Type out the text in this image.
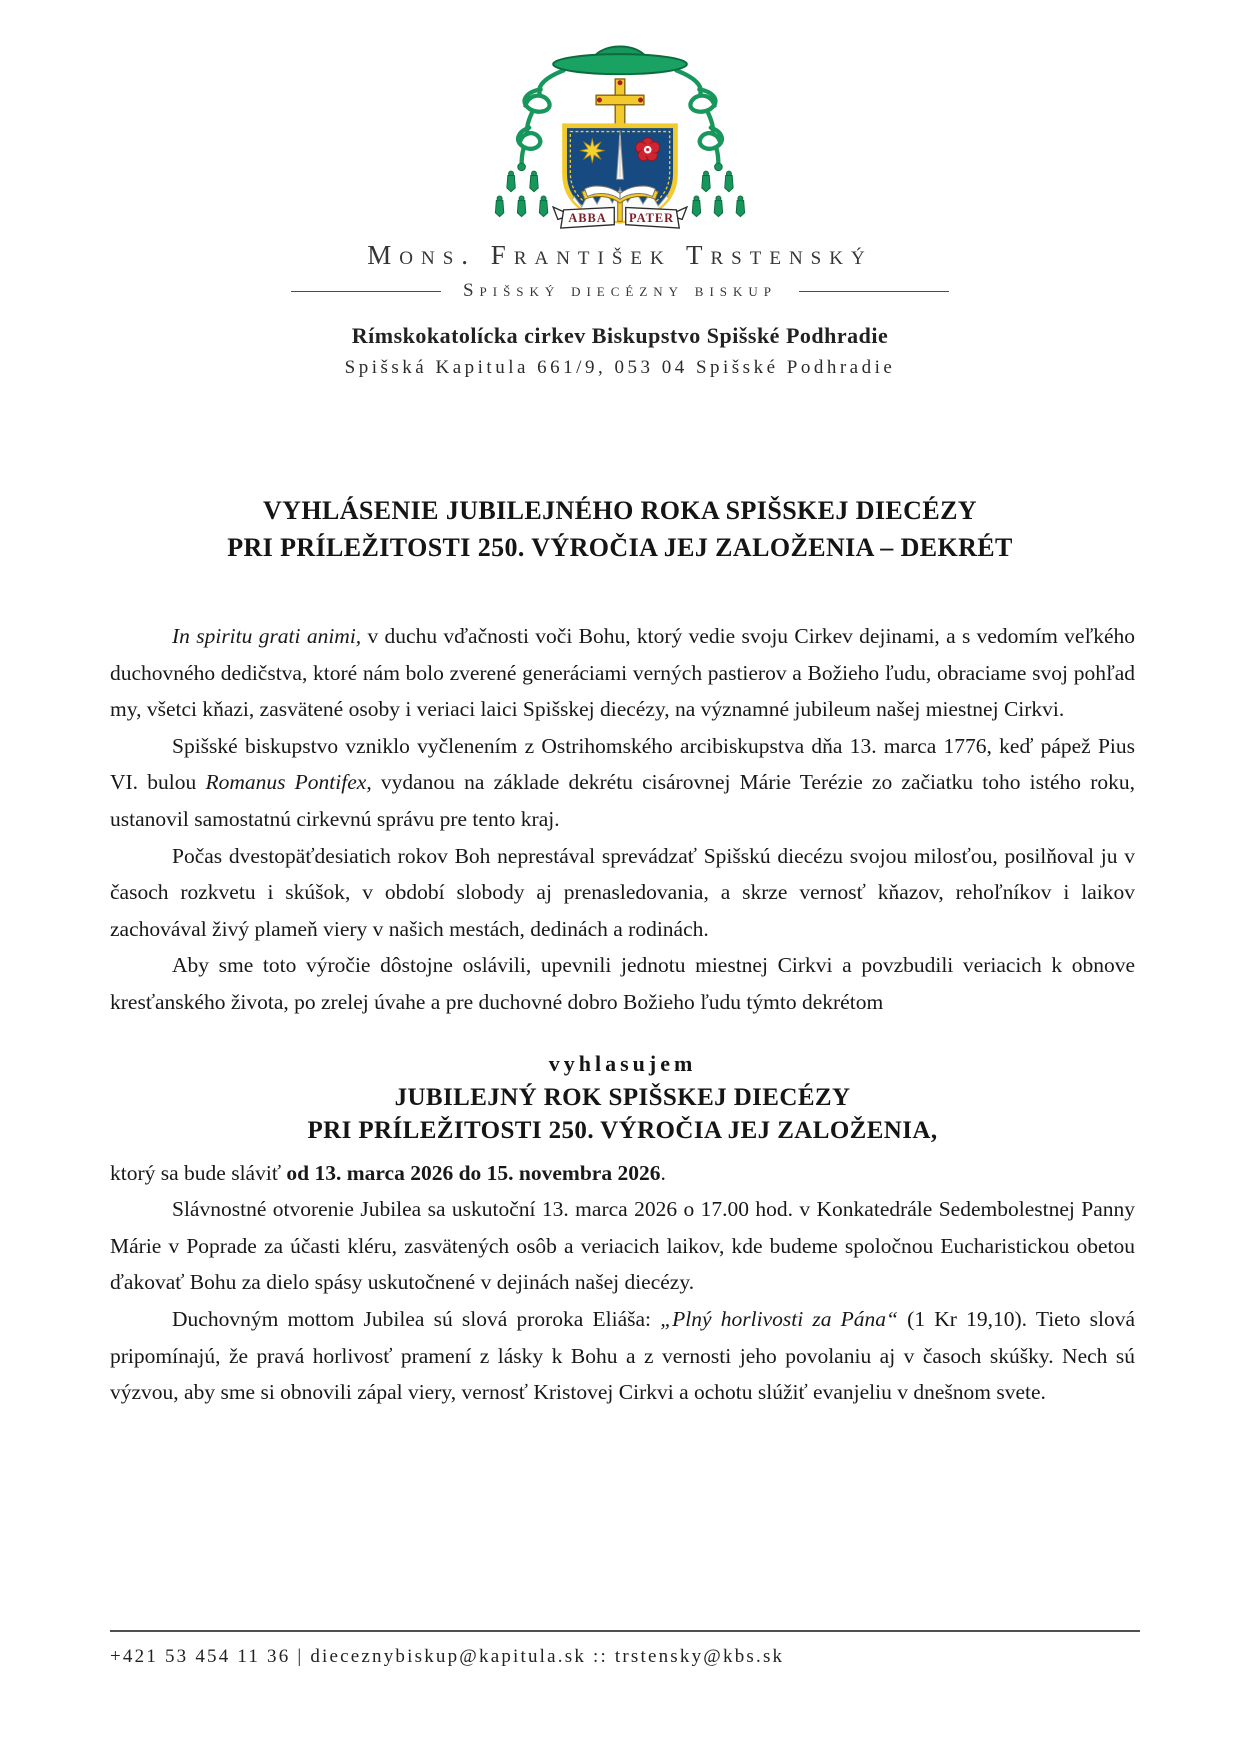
ABBA PATER
Mons. František Trstenský
Spišský diecézny biskup
Rímskokatolícka cirkev Biskupstvo Spišské Podhradie
Spišská Kapitula 661/9, 053 04 Spišské Podhradie
VYHLÁSENIE JUBILEJNÉHO ROKA SPIŠSKEJ DIECÉZY
PRI PRÍLEŽITOSTI 250. VÝROČIA JEJ ZALOŽENIA – DEKRÉT

In spiritu grati animi, v duchu vďačnosti voči Bohu, ktorý vedie svoju Cirkev dejinami, a s vedomím veľkého duchovného dedičstva, ktoré nám bolo zverené generáciami verných pastierov a Božieho ľudu, obraciame svoj pohľad my, všetci kňazi, zasvätené osoby i veriaci laici Spišskej diecézy, na významné jubileum našej miestnej Cirkvi.

Spišské biskupstvo vzniklo vyčlenením z Ostrihomského arcibiskupstva dňa 13. marca 1776, keď pápež Pius VI. bulou Romanus Pontifex, vydanou na základe dekrétu cisárovnej Márie Terézie zo začiatku toho istého roku, ustanovil samostatnú cirkevnú správu pre tento kraj.

Počas dvestopäťdesiatich rokov Boh neprestával sprevádzať Spišskú diecézu svojou milosťou, posilňoval ju v časoch rozkvetu i skúšok, v období slobody aj prenasledovania, a skrze vernosť kňazov, rehoľníkov i laikov zachovával živý plameň viery v našich mestách, dedinách a rodinách.

Aby sme toto výročie dôstojne oslávili, upevnili jednotu miestnej Cirkvi a povzbudili veriacich k obnove kresťanského života, po zrelej úvahe a pre duchovné dobro Božieho ľudu týmto dekrétom

vyhlasujem
JUBILEJNÝ ROK SPIŠSKEJ DIECÉZY
PRI PRÍLEŽITOSTI 250. VÝROČIA JEJ ZALOŽENIA,

ktorý sa bude sláviť od 13. marca 2026 do 15. novembra 2026.

Slávnostné otvorenie Jubilea sa uskutoční 13. marca 2026 o 17.00 hod. v Konkatedrále Sedembolestnej Panny Márie v Poprade za účasti kléru, zasvätených osôb a veriacich laikov, kde budeme spoločnou Eucharistickou obetou ďakovať Bohu za dielo spásy uskutočnené v dejinách našej diecézy.

Duchovným mottom Jubilea sú slová proroka Eliáša: „Plný horlivosti za Pána“ (1 Kr 19,10). Tieto slová pripomínajú, že pravá horlivosť pramení z lásky k Bohu a z vernosti jeho povolaniu aj v časoch skúšky. Nech sú výzvou, aby sme si obnovili zápal viery, vernosť Kristovej Cirkvi a ochotu slúžiť evanjeliu v dnešnom svete.

+421 53 454 11 36 | dieceznybiskup@kapitula.sk :: trstensky@kbs.sk
